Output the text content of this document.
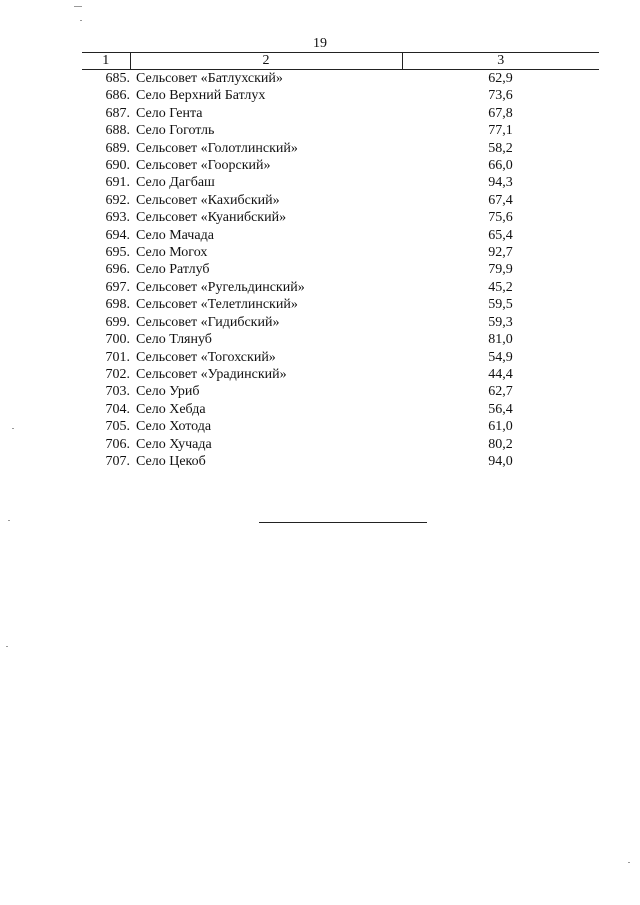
19
1	2	3
685.	Сельсовет «Батлухский»	62,9
686.	Село Верхний Батлух	73,6
687.	Село Гента	67,8
688.	Село Гоготль	77,1
689.	Сельсовет «Голотлинский»	58,2
690.	Сельсовет «Гоорский»	66,0
691.	Село Дагбаш	94,3
692.	Сельсовет «Кахибский»	67,4
693.	Сельсовет «Куанибский»	75,6
694.	Село Мачада	65,4
695.	Село Могох	92,7
696.	Село Ратлуб	79,9
697.	Сельсовет «Ругельдинский»	45,2
698.	Сельсовет «Телетлинский»	59,5
699.	Сельсовет «Гидибский»	59,3
700.	Село Тлянуб	81,0
701.	Сельсовет «Тогохский»	54,9
702.	Сельсовет «Урадинский»	44,4
703.	Село Уриб	62,7
704.	Село Хебда	56,4
705.	Село Хотода	61,0
706.	Село Хучада	80,2
707.	Село Цекоб	94,0
